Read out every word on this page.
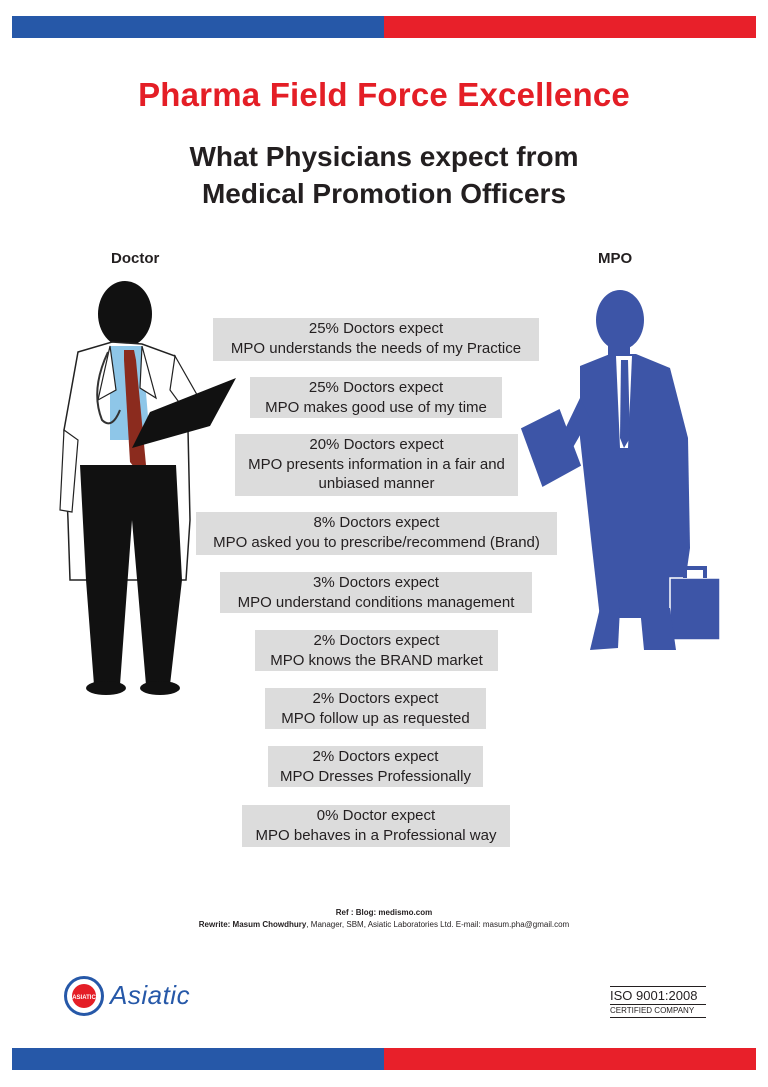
Pharma Field Force Excellence
What Physicians expect from
Medical Promotion Officers
Doctor	MPO
25% Doctors expect
MPO understands the needs of my Practice
25% Doctors expect
MPO makes good use of my time
20% Doctors expect
MPO presents information in a fair and
unbiased manner
8% Doctors expect
MPO asked you to prescribe/recommend (Brand)
3% Doctors expect
MPO understand conditions management
2% Doctors expect
MPO knows the BRAND market
2% Doctors expect
MPO follow up as requested
2% Doctors expect
MPO Dresses Professionally
0% Doctor expect
MPO behaves in a Professional way
Ref : Blog: medismo.com
Rewrite: Masum Chowdhury, Manager, SBM, Asiatic Laboratories Ltd. E-mail: masum.pha@gmail.com
ASIATIC Asiatic	ISO 9001:2008
CERTIFIED COMPANY
